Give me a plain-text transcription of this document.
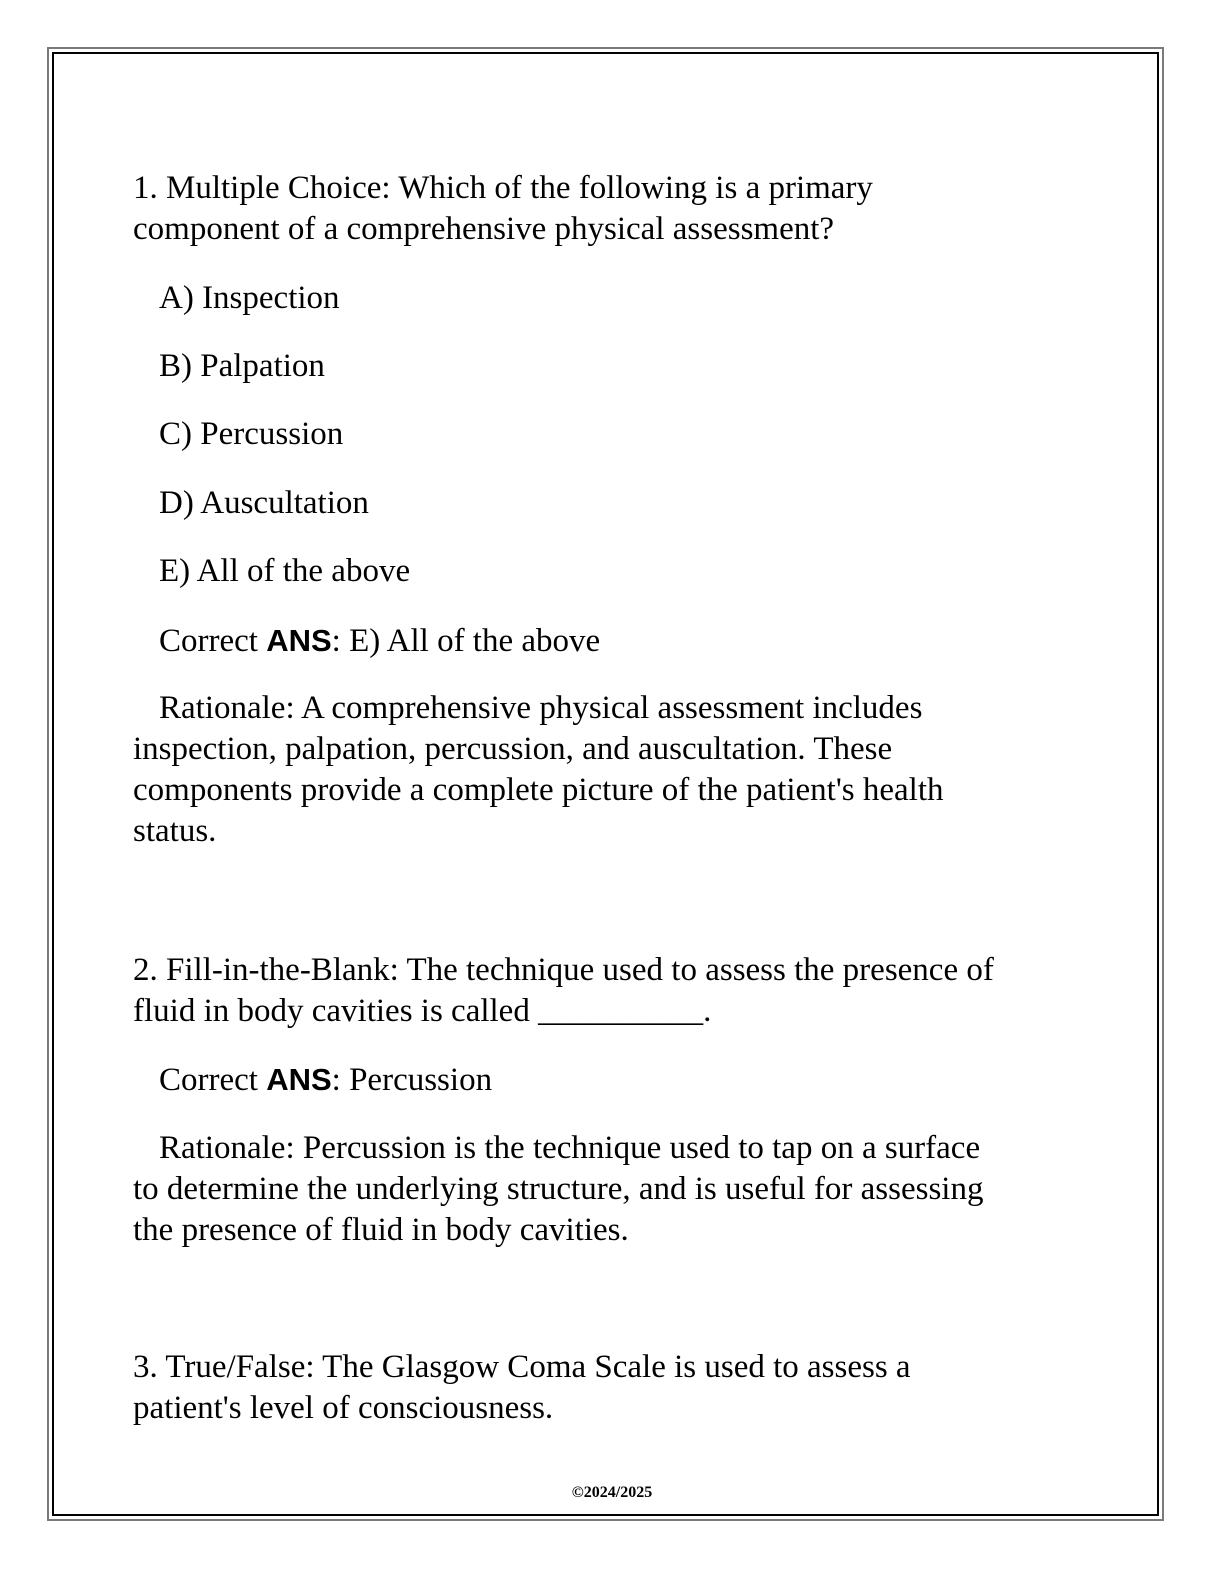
1. Multiple Choice: Which of the following is a primary
component of a comprehensive physical assessment?

A) Inspection

B) Palpation

C) Percussion

D) Auscultation

E) All of the above

Correct ANS: E) All of the above

Rationale: A comprehensive physical assessment includes
inspection, palpation, percussion, and auscultation. These
components provide a complete picture of the patient's health
status.

2. Fill-in-the-Blank: The technique used to assess the presence of
fluid in body cavities is called __________.

Correct ANS: Percussion

Rationale: Percussion is the technique used to tap on a surface
to determine the underlying structure, and is useful for assessing
the presence of fluid in body cavities.

3. True/False: The Glasgow Coma Scale is used to assess a
patient's level of consciousness.

©2024/2025
